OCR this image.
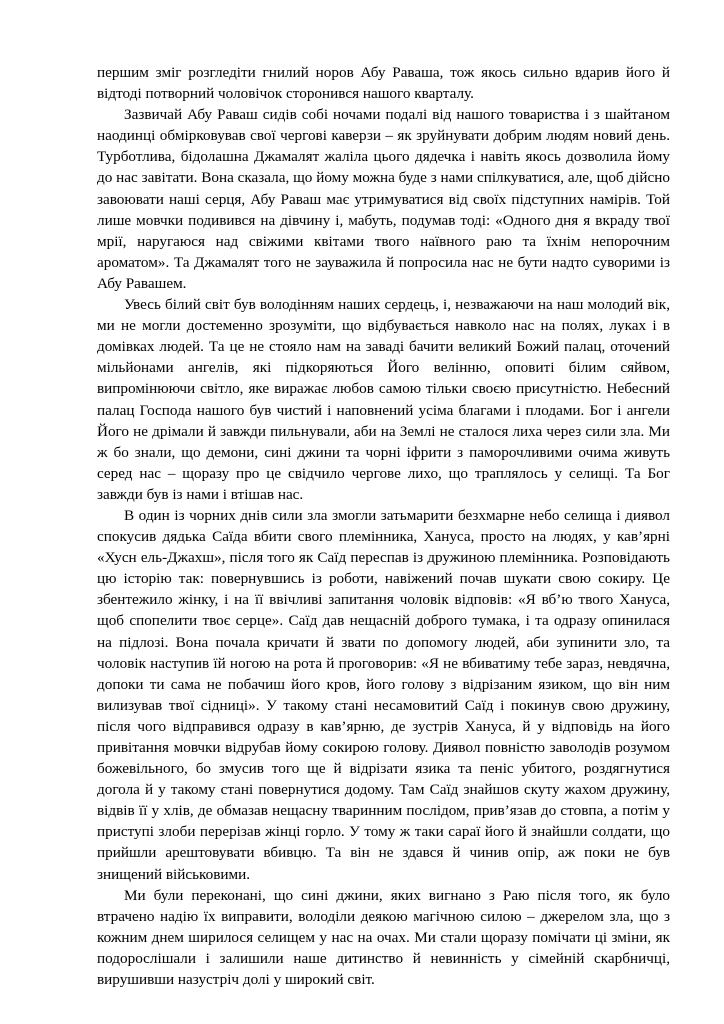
першим зміг розгледіти гнилий норов Абу Раваша, тож якось сильно вдарив його й відтоді потворний чоловічок сторонився нашого кварталу.

Зазвичай Абу Раваш сидів собі ночами подалі від нашого товариства і з шайтаном наодинці обмірковував свої чергові каверзи – як зруйнувати добрим людям новий день. Турботлива, бідолашна Джамалят жаліла цього дядечка і навіть якось дозволила йому до нас завітати. Вона сказала, що йому можна буде з нами спілкуватися, але, щоб дійсно завоювати наші серця, Абу Раваш має утримуватися від своїх підступних намірів. Той лише мовчки подивився на дівчину і, мабуть, подумав тоді: «Одного дня я вкраду твої мрії, наругаюся над свіжими квітами твого наївного раю та їхнім непорочним ароматом». Та Джамалят того не зауважила й попросила нас не бути надто суворими із Абу Равашем.

Увесь білий світ був володінням наших сердець, і, незважаючи на наш молодий вік, ми не могли достеменно зрозуміти, що відбувається навколо нас на полях, луках і в домівках людей. Та це не стояло нам на заваді бачити великий Божий палац, оточений мільйонами ангелів, які підкоряються Його велінню, оповиті білим сяйвом, випромінюючи світло, яке виражає любов самою тільки своєю присутністю. Небесний палац Господа нашого був чистий і наповнений усіма благами і плодами. Бог і ангели Його не дрімали й завжди пильнували, аби на Землі не сталося лиха через сили зла. Ми ж бо знали, що демони, сині джини та чорні іфрити з паморочливими очима живуть серед нас – щоразу про це свідчило чергове лихо, що траплялось у селищі. Та Бог завжди був із нами і втішав нас.

В один із чорних днів сили зла змогли затьмарити безхмарне небо селища і диявол спокусив дядька Саїда вбити свого племінника, Хануса, просто на людях, у кав’ярні «Хусн ель-Джахш», після того як Саїд переспав із дружиною племінника. Розповідають цю історію так: повернувшись із роботи, навіжений почав шукати свою сокиру. Це збентежило жінку, і на її ввічливі запитання чоловік відповів: «Я вб’ю твого Хануса, щоб спопелити твоє серце». Саїд дав нещасній доброго тумака, і та одразу опинилася на підлозі. Вона почала кричати й звати по допомогу людей, аби зупинити зло, та чоловік наступив їй ногою на рота й проговорив: «Я не вбиватиму тебе зараз, невдячна, допоки ти сама не побачиш його кров, його голову з відрізаним язиком, що він ним вилизував твої сідниці». У такому стані несамовитий Саїд і покинув свою дружину, після чого відправився одразу в кав’ярню, де зустрів Хануса, й у відповідь на його привітання мовчки відрубав йому сокирою голову. Диявол повністю заволодів розумом божевільного, бо змусив того ще й відрізати язика та пеніс убитого, роздягнутися догола й у такому стані повернутися додому. Там Саїд знайшов скуту жахом дружину, відвів її у хлів, де обмазав нещасну тваринним послідом, прив’язав до стовпа, а потім у приступі злоби перерізав жінці горло. У тому ж таки сараї його й знайшли солдати, що прийшли арештовувати вбивцю. Та він не здався й чинив опір, аж поки не був знищений військовими.

Ми були переконані, що сині джини, яких вигнано з Раю після того, як було втрачено надію їх виправити, володіли деякою магічною силою – джерелом зла, що з кожним днем ширилося селищем у нас на очах. Ми стали щоразу помічати ці зміни, як подорослішали і залишили наше дитинство й невинність у сімейній скарбничці, вирушивши назустріч долі у широкий світ.
